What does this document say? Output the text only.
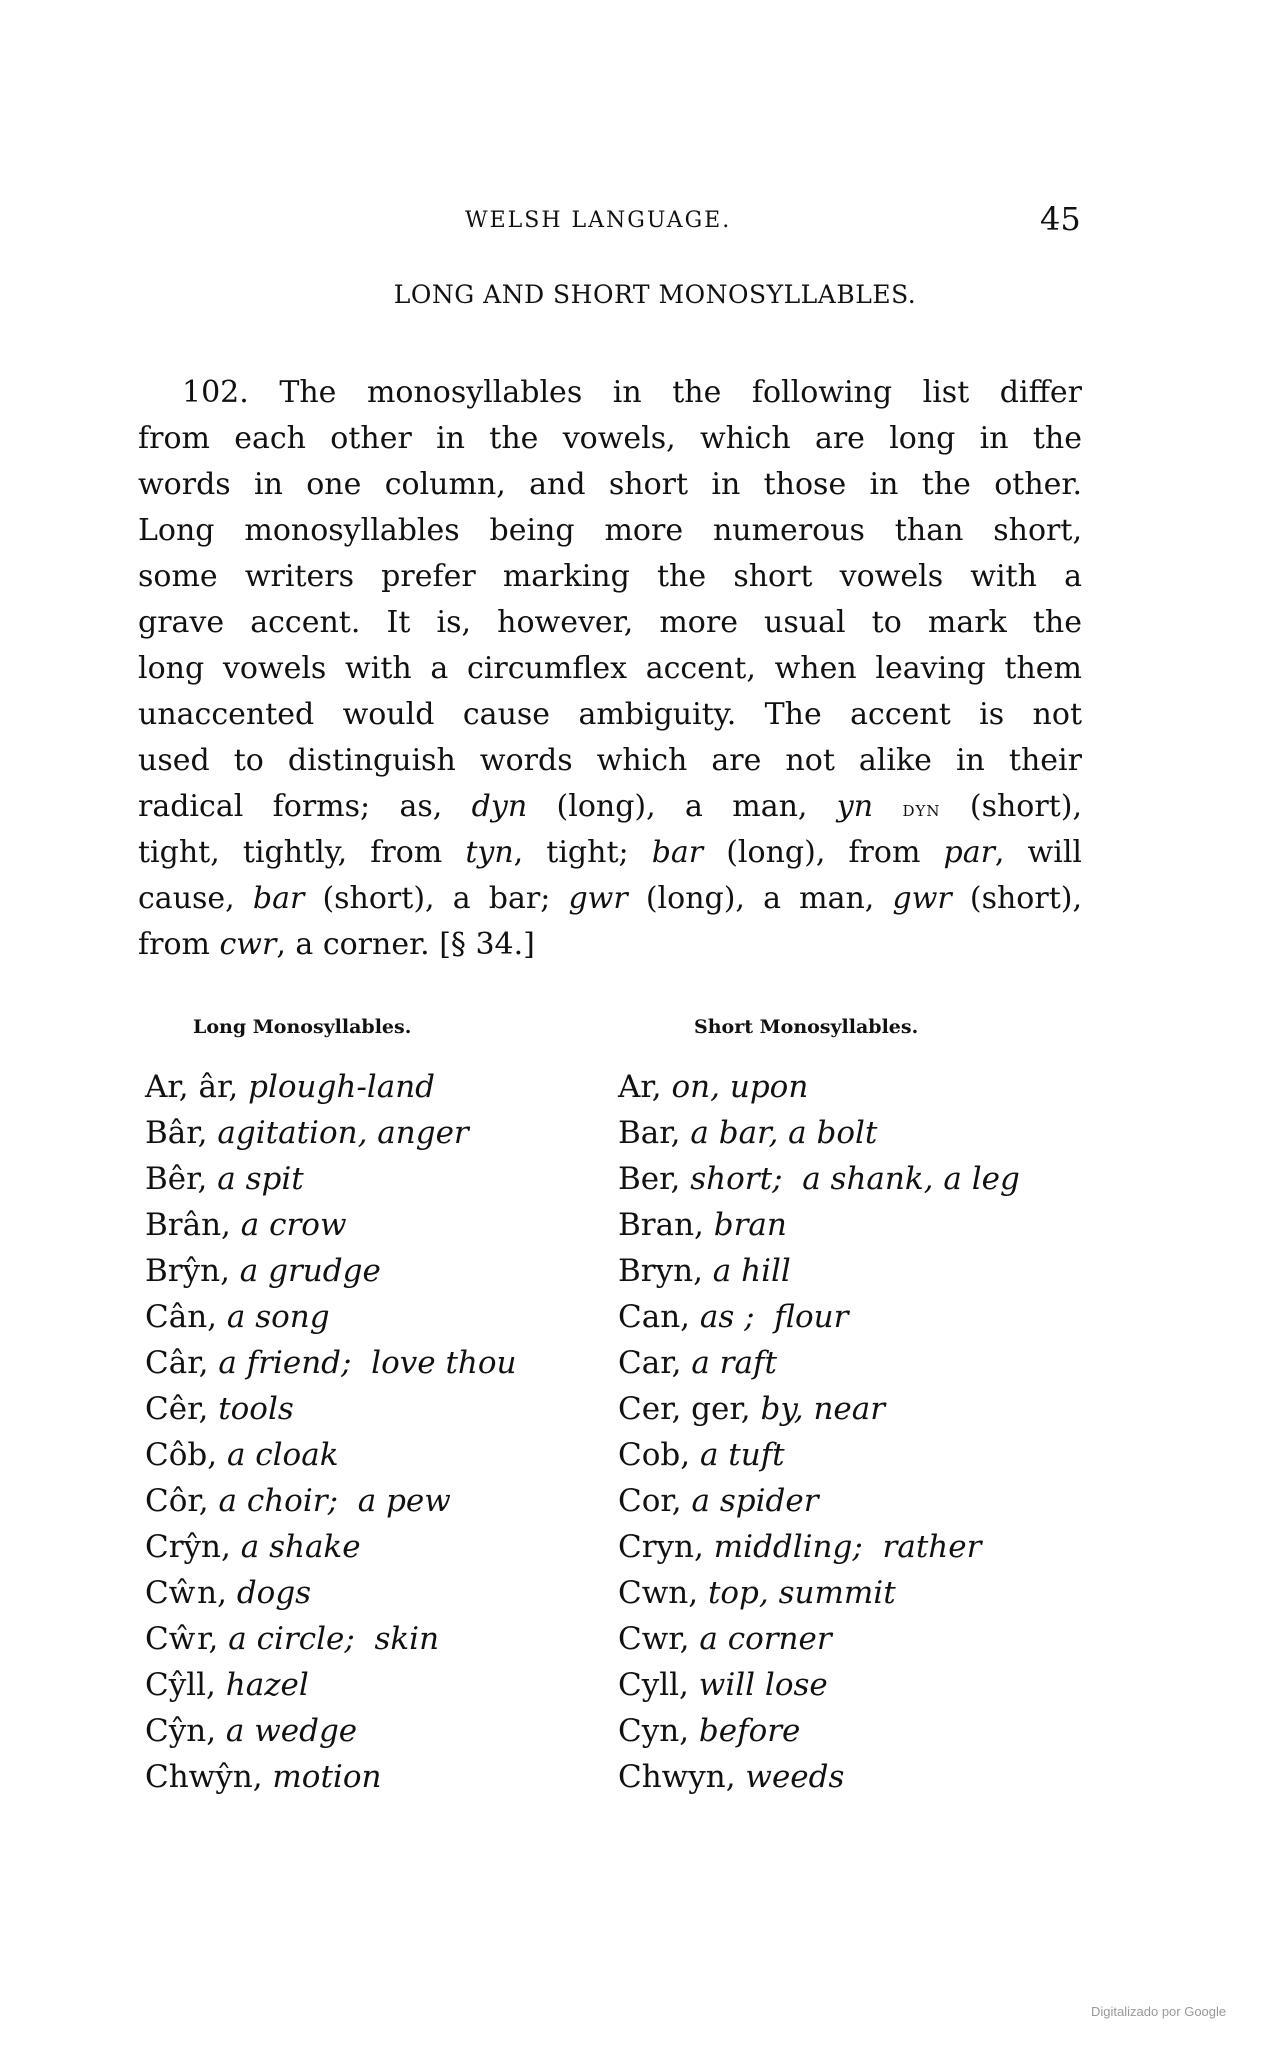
WELSH LANGUAGE.	45
LONG AND SHORT MONOSYLLABLES.
102. The monosyllables in the following list differ
from each other in the vowels, which are long in the
words in one column, and short in those in the other.
Long monosyllables being more numerous than short,
some writers prefer marking the short vowels with a
grave accent. It is, however, more usual to mark the
long vowels with a circumflex accent, when leaving them
unaccented would cause ambiguity. The accent is not
used to distinguish words which are not alike in their
radical forms; as, dyn (long), a man, yn dyn (short),
tight, tightly, from tyn, tight; bar (long), from par, will
cause, bar (short), a bar; gwr (long), a man, gwr (short),
from cwr, a corner. [§ 34.]
Long Monosyllables.	Short Monosyllables.
Ar, âr, plough-land
Bâr, agitation, anger
Bêr, a spit
Brân, a crow
Brŷn, a grudge
Cân, a song
Câr, a friend;  love thou
Cêr, tools
Côb, a cloak
Côr, a choir;  a pew
Crŷn, a shake
Cŵn, dogs
Cŵr, a circle;  skin
Cŷll, hazel
Cŷn, a wedge
Chwŷn, motion
Ar, on, upon
Bar, a bar, a bolt
Ber, short;  a shank, a leg
Bran, bran
Bryn, a hill
Can, as ;  flour
Car, a raft
Cer, ger, by, near
Cob, a tuft
Cor, a spider
Cryn, middling;  rather
Cwn, top, summit
Cwr, a corner
Cyll, will lose
Cyn, before
Chwyn, weeds
Digitalizado por Google
